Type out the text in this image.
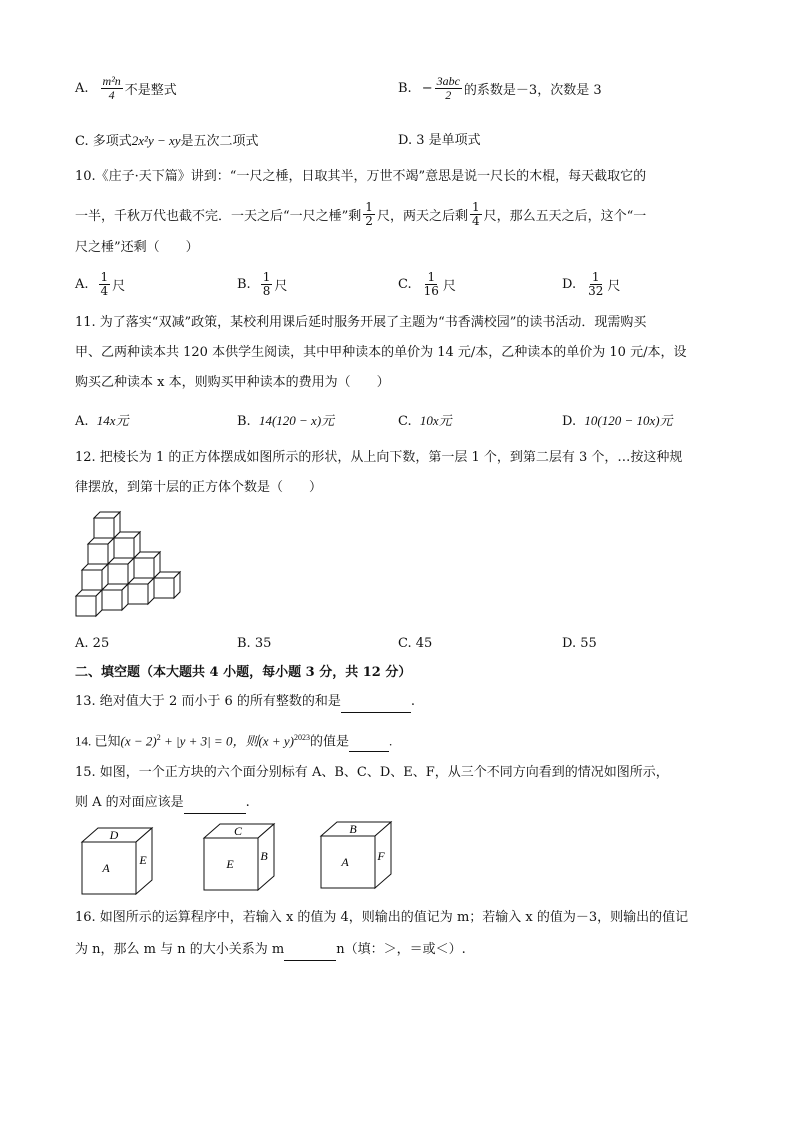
A. $\frac{\text{m²n}}{4}$ 不是整式	B. − $\frac{\text{3abc}}{2}$ 的系数是－3，次数是 3
C. 多项式2x²y − xy是五次二项式	D. 3 是单项式
10.《庄子·天下篇》讲到：“一尺之棰，日取其半，万世不竭”意思是说一尺长的木棍，每天截取它的
一半，千秋万代也截不完．一天之后“一尺之棰”剩 $\frac{1}{2}$ 尺，两天之后剩 $\frac{1}{4}$ 尺，那么五天之后，这个“一
尺之棰”还剩（　　）
A. $\frac{1}{4}$ 尺	B. $\frac{1}{8}$ 尺	C. $\frac{1}{16}$ 尺	D. $\frac{1}{32}$ 尺
11. 为了落实“双减”政策，某校利用课后延时服务开展了主题为“书香满校园”的读书活动．现需购买
甲、乙两种读本共 120 本供学生阅读，其中甲种读本的单价为 14 元/本，乙种读本的单价为 10 元/本，设
购买乙种读本 x 本，则购买甲种读本的费用为（　　）
A. 14x元	B. 14(120 − x)元	C. 10x元	D. 10(120 − 10x)元
12. 把棱长为 1 的正方体摆成如图所示的形状，从上向下数，第一层 1 个，到第二层有 3 个，…按这种规
律摆放，到第十层的正方体个数是（　　）
A. 25	B. 35	C. 45	D. 55
二、填空题（本大题共 4 小题，每小题 3 分，共 12 分）
13. 绝对值大于 2 而小于 6 的所有整数的和是	.
14. 已知$(x - 2)^2 + |y + 3| = 0$，则$(x + y)^{2023}$的值是	.
15. 如图，一个正方块的六个面分别标有 A、B、C、D、E、F，从三个不同方向看到的情况如图所示，
则 A 的对面应该是	.
D
A
E
C
E
B
B
A F
16. 如图所示的运算程序中，若输入 x 的值为 4，则输出的值记为 m；若输入 x 的值为－3，则输出的值记
为 n，那么 m 与 n 的大小关系为 m	n（填：＞，＝或＜）.
